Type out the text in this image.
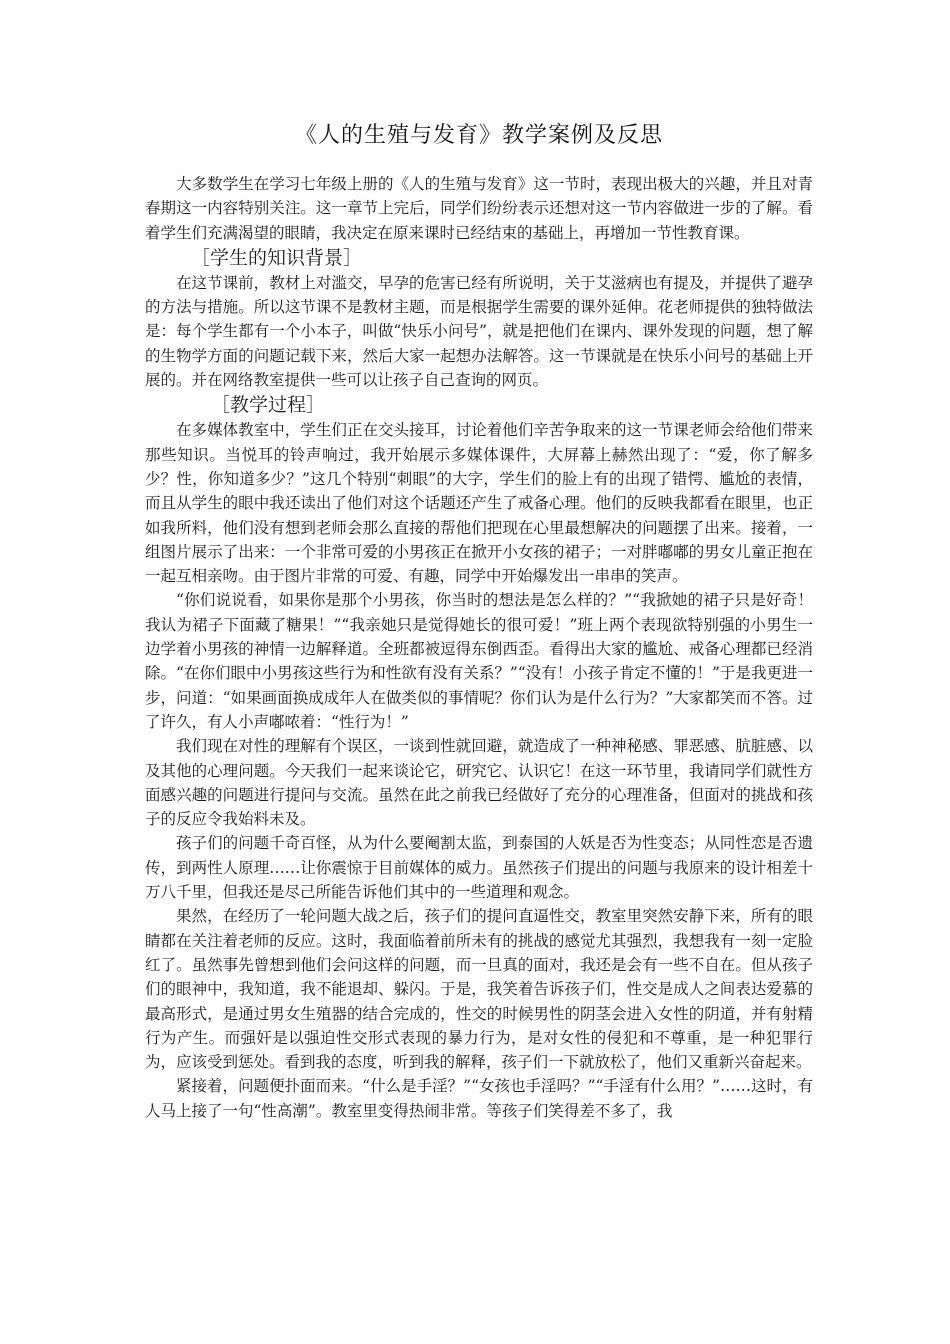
《人的生殖与发育》教学案例及反思

大多数学生在学习七年级上册的《人的生殖与发育》这一节时，表现出极大的兴趣，并且对青春期这一内容特别关注。这一章节上完后，同学们纷纷表示还想对这一节内容做进一步的了解。看着学生们充满渴望的眼睛，我决定在原来课时已经结束的基础上，再增加一节性教育课。

［学生的知识背景］

在这节课前，教材上对滥交，早孕的危害已经有所说明，关于艾滋病也有提及，并提供了避孕的方法与措施。所以这节课不是教材主题，而是根据学生需要的课外延伸。花老师提供的独特做法是：每个学生都有一个小本子，叫做“快乐小问号”，就是把他们在课内、课外发现的问题，想了解的生物学方面的问题记载下来，然后大家一起想办法解答。这一节课就是在快乐小问号的基础上开展的。并在网络教室提供一些可以让孩子自己查询的网页。

［教学过程］

在多媒体教室中，学生们正在交头接耳，讨论着他们辛苦争取来的这一节课老师会给他们带来那些知识。当悦耳的铃声响过，我开始展示多媒体课件，大屏幕上赫然出现了：“爱，你了解多少？性，你知道多少？”这几个特别“刺眼”的大字，学生们的脸上有的出现了错愕、尴尬的表情，而且从学生的眼中我还读出了他们对这个话题还产生了戒备心理。他们的反映我都看在眼里，也正如我所料，他们没有想到老师会那么直接的帮他们把现在心里最想解决的问题摆了出来。接着，一组图片展示了出来：一个非常可爱的小男孩正在掀开小女孩的裙子；一对胖嘟嘟的男女儿童正抱在一起互相亲吻。由于图片非常的可爱、有趣，同学中开始爆发出一串串的笑声。

“你们说说看，如果你是那个小男孩，你当时的想法是怎么样的？”“我掀她的裙子只是好奇！我认为裙子下面藏了糖果！”“我亲她只是觉得她长的很可爱！”班上两个表现欲特别强的小男生一边学着小男孩的神情一边解释道。全班都被逗得东倒西歪。看得出大家的尴尬、戒备心理都已经消除。“在你们眼中小男孩这些行为和性欲有没有关系？”“没有！小孩子肯定不懂的！”于是我更进一步，问道：“如果画面换成成年人在做类似的事情呢？你们认为是什么行为？”大家都笑而不答。过了许久，有人小声嘟哝着：“性行为！”

我们现在对性的理解有个误区，一谈到性就回避，就造成了一种神秘感、罪恶感、肮脏感、以及其他的心理问题。今天我们一起来谈论它，研究它、认识它！在这一环节里，我请同学们就性方面感兴趣的问题进行提问与交流。虽然在此之前我已经做好了充分的心理准备，但面对的挑战和孩子的反应令我始料未及。

孩子们的问题千奇百怪，从为什么要阉割太监，到泰国的人妖是否为性变态；从同性恋是否遗传，到两性人原理……让你震惊于目前媒体的威力。虽然孩子们提出的问题与我原来的设计相差十万八千里，但我还是尽己所能告诉他们其中的一些道理和观念。

果然，在经历了一轮问题大战之后，孩子们的提问直逼性交，教室里突然安静下来，所有的眼睛都在关注着老师的反应。这时，我面临着前所未有的挑战的感觉尤其强烈，我想我有一刻一定脸红了。虽然事先曾想到他们会问这样的问题，而一旦真的面对，我还是会有一些不自在。但从孩子们的眼神中，我知道，我不能退却、躲闪。于是，我笑着告诉孩子们，性交是成人之间表达爱慕的最高形式，是通过男女生殖器的结合完成的，性交的时候男性的阴茎会进入女性的阴道，并有射精行为产生。而强奸是以强迫性交形式表现的暴力行为，是对女性的侵犯和不尊重，是一种犯罪行为，应该受到惩处。看到我的态度，听到我的解释，孩子们一下就放松了，他们又重新兴奋起来。

紧接着，问题便扑面而来。“什么是手淫？”“女孩也手淫吗？”“手淫有什么用？”……这时，有人马上接了一句“性高潮”。教室里变得热闹非常。等孩子们笑得差不多了，我
